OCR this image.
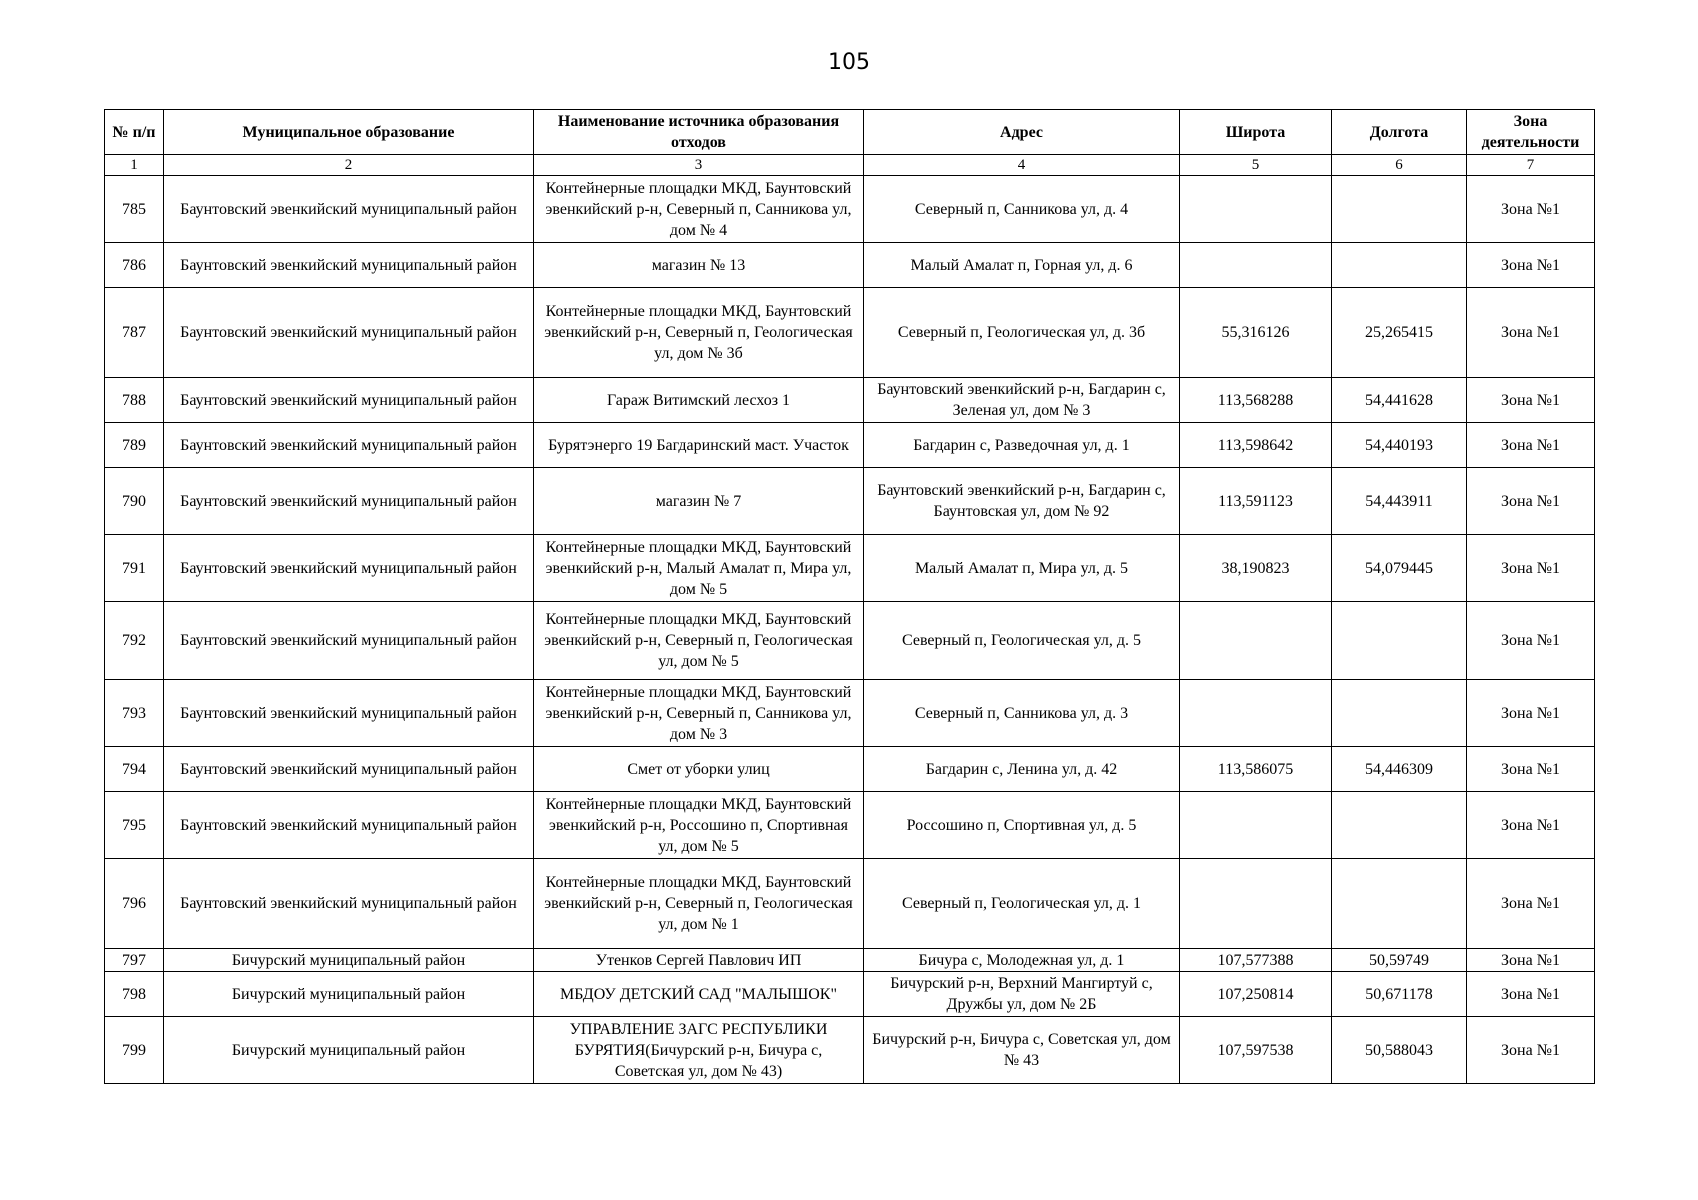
105
№ п/п	Муниципальное образование	Наименование источника образования отходов	Адрес	Широта	Долгота	Зона деятельности
1	2	3	4	5	6	7
785	Баунтовский эвенкийский муниципальный район	Контейнерные площадки МКД, Баунтовский эвенкийский р-н, Северный п, Санникова ул, дом № 4	Северный п, Санникова ул, д. 4			Зона №1
786	Баунтовский эвенкийский муниципальный район	магазин № 13	Малый Амалат п, Горная ул, д. 6			Зона №1
787	Баунтовский эвенкийский муниципальный район	Контейнерные площадки МКД, Баунтовский эвенкийский р-н, Северный п, Геологическая ул, дом № 3б	Северный п, Геологическая ул, д. 3б	55,316126	25,265415	Зона №1
788	Баунтовский эвенкийский муниципальный район	Гараж Витимский лесхоз 1	Баунтовский эвенкийский р-н, Багдарин с, Зеленая ул, дом № 3	113,568288	54,441628	Зона №1
789	Баунтовский эвенкийский муниципальный район	Бурятэнерго 19 Багдаринский маст. Участок	Багдарин с, Разведочная ул, д. 1	113,598642	54,440193	Зона №1
790	Баунтовский эвенкийский муниципальный район	магазин № 7	Баунтовский эвенкийский р-н, Багдарин с, Баунтовская ул, дом № 92	113,591123	54,443911	Зона №1
791	Баунтовский эвенкийский муниципальный район	Контейнерные площадки МКД, Баунтовский эвенкийский р-н, Малый Амалат п, Мира ул, дом № 5	Малый Амалат п, Мира ул, д. 5	38,190823	54,079445	Зона №1
792	Баунтовский эвенкийский муниципальный район	Контейнерные площадки МКД, Баунтовский эвенкийский р-н, Северный п, Геологическая ул, дом № 5	Северный п, Геологическая ул, д. 5			Зона №1
793	Баунтовский эвенкийский муниципальный район	Контейнерные площадки МКД, Баунтовский эвенкийский р-н, Северный п, Санникова ул, дом № 3	Северный п, Санникова ул, д. 3			Зона №1
794	Баунтовский эвенкийский муниципальный район	Смет от уборки улиц	Багдарин с, Ленина ул, д. 42	113,586075	54,446309	Зона №1
795	Баунтовский эвенкийский муниципальный район	Контейнерные площадки МКД, Баунтовский эвенкийский р-н, Россошино п, Спортивная ул, дом № 5	Россошино п, Спортивная ул, д. 5			Зона №1
796	Баунтовский эвенкийский муниципальный район	Контейнерные площадки МКД, Баунтовский эвенкийский р-н, Северный п, Геологическая ул, дом № 1	Северный п, Геологическая ул, д. 1			Зона №1
797	Бичурский муниципальный район	Утенков Сергей Павлович ИП	Бичура с, Молодежная ул, д. 1	107,577388	50,59749	Зона №1
798	Бичурский муниципальный район	МБДОУ ДЕТСКИЙ САД "МАЛЫШОК"	Бичурский р-н, Верхний Мангиртуй с, Дружбы ул, дом № 2Б	107,250814	50,671178	Зона №1
799	Бичурский муниципальный район	УПРАВЛЕНИЕ ЗАГС РЕСПУБЛИКИ БУРЯТИЯ(Бичурский р-н, Бичура с, Советская ул, дом № 43)	Бичурский р-н, Бичура с, Советская ул, дом № 43	107,597538	50,588043	Зона №1
